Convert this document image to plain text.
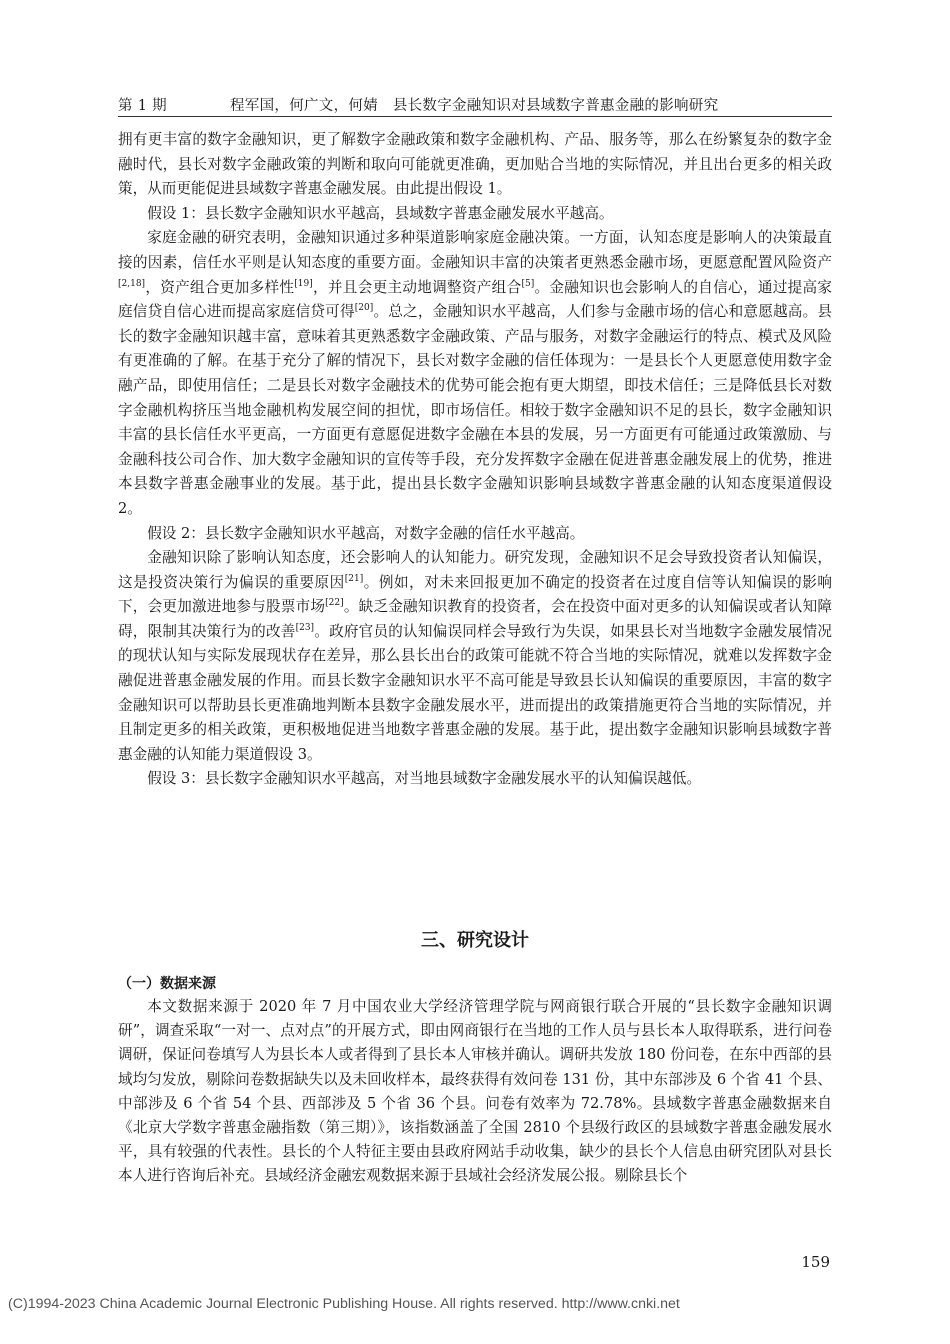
第 1 期	程军国，何广文，何婧　县长数字金融知识对县域数字普惠金融的影响研究

拥有更丰富的数字金融知识，更了解数字金融政策和数字金融机构、产品、服务等，那么在纷繁复杂的数字金融时代，县长对数字金融政策的判断和取向可能就更准确，更加贴合当地的实际情况，并且出台更多的相关政策，从而更能促进县域数字普惠金融发展。由此提出假设 1。

假设 1：县长数字金融知识水平越高，县域数字普惠金融发展水平越高。

家庭金融的研究表明，金融知识通过多种渠道影响家庭金融决策。一方面，认知态度是影响人的决策最直接的因素，信任水平则是认知态度的重要方面。金融知识丰富的决策者更熟悉金融市场，更愿意配置风险资产[2,18]，资产组合更加多样性[19]，并且会更主动地调整资产组合[5]。金融知识也会影响人的自信心，通过提高家庭信贷自信心进而提高家庭信贷可得[20]。总之，金融知识水平越高，人们参与金融市场的信心和意愿越高。县长的数字金融知识越丰富，意味着其更熟悉数字金融政策、产品与服务，对数字金融运行的特点、模式及风险有更准确的了解。在基于充分了解的情况下，县长对数字金融的信任体现为：一是县长个人更愿意使用数字金融产品，即使用信任；二是县长对数字金融技术的优势可能会抱有更大期望，即技术信任；三是降低县长对数字金融机构挤压当地金融机构发展空间的担忧，即市场信任。相较于数字金融知识不足的县长，数字金融知识丰富的县长信任水平更高，一方面更有意愿促进数字金融在本县的发展，另一方面更有可能通过政策激励、与金融科技公司合作、加大数字金融知识的宣传等手段，充分发挥数字金融在促进普惠金融发展上的优势，推进本县数字普惠金融事业的发展。基于此，提出县长数字金融知识影响县域数字普惠金融的认知态度渠道假设 2。

假设 2：县长数字金融知识水平越高，对数字金融的信任水平越高。

金融知识除了影响认知态度，还会影响人的认知能力。研究发现，金融知识不足会导致投资者认知偏误，这是投资决策行为偏误的重要原因[21]。例如，对未来回报更加不确定的投资者在过度自信等认知偏误的影响下，会更加激进地参与股票市场[22]。缺乏金融知识教育的投资者，会在投资中面对更多的认知偏误或者认知障碍，限制其决策行为的改善[23]。政府官员的认知偏误同样会导致行为失误，如果县长对当地数字金融发展情况的现状认知与实际发展现状存在差异，那么县长出台的政策可能就不符合当地的实际情况，就难以发挥数字金融促进普惠金融发展的作用。而县长数字金融知识水平不高可能是导致县长认知偏误的重要原因，丰富的数字金融知识可以帮助县长更准确地判断本县数字金融发展水平，进而提出的政策措施更符合当地的实际情况，并且制定更多的相关政策，更积极地促进当地数字普惠金融的发展。基于此，提出数字金融知识影响县域数字普惠金融的认知能力渠道假设 3。

假设 3：县长数字金融知识水平越高，对当地县域数字金融发展水平的认知偏误越低。

三、研究设计
（一）数据来源

本文数据来源于 2020 年 7 月中国农业大学经济管理学院与网商银行联合开展的“县长数字金融知识调研”，调查采取“一对一、点对点”的开展方式，即由网商银行在当地的工作人员与县长本人取得联系，进行问卷调研，保证问卷填写人为县长本人或者得到了县长本人审核并确认。调研共发放 180 份问卷，在东中西部的县域均匀发放，剔除问卷数据缺失以及未回收样本，最终获得有效问卷 131 份，其中东部涉及 6 个省 41 个县、中部涉及 6 个省 54 个县、西部涉及 5 个省 36 个县。问卷有效率为 72.78%。县域数字普惠金融数据来自《北京大学数字普惠金融指数（第三期）》，该指数涵盖了全国 2810 个县级行政区的县域数字普惠金融发展水平，具有较强的代表性。县长的个人特征主要由县政府网站手动收集，缺少的县长个人信息由研究团队对县长本人进行咨询后补充。县域经济金融宏观数据来源于县域社会经济发展公报。剔除县长个

159
(C)1994-2023 China Academic Journal Electronic Publishing House. All rights reserved. http://www.cnki.net
